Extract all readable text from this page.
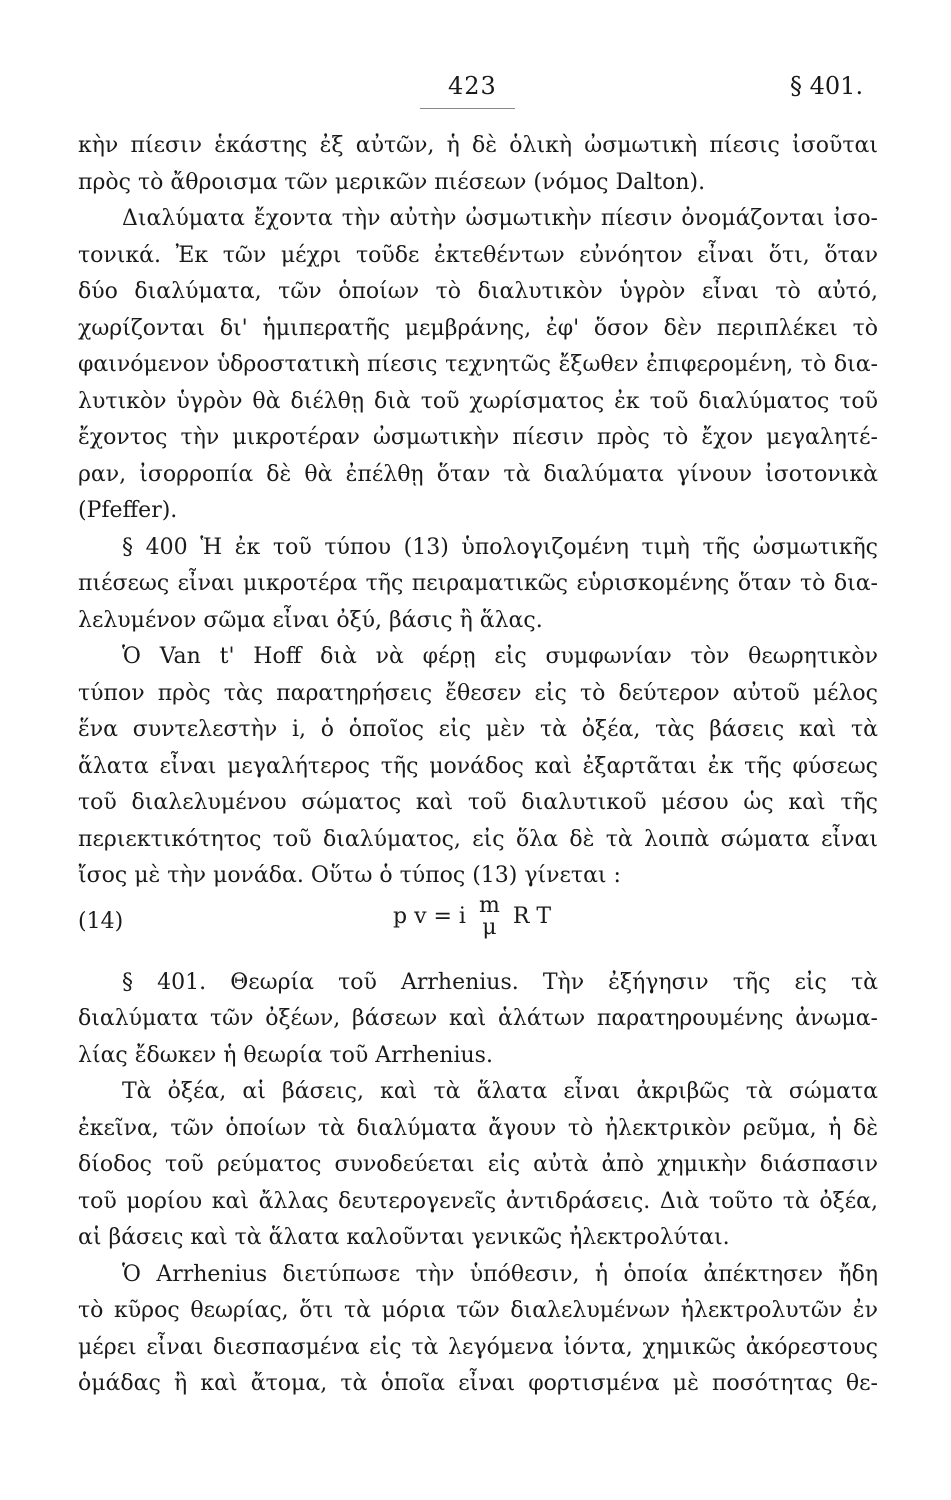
423	§ 401.
κὴν πίεσιν ἑκάστης ἐξ αὐτῶν, ἡ δὲ ὁλικὴ ὠσμωτικὴ πίεσις ἰσοῦται
πρὸς τὸ ἄθροισμα τῶν μερικῶν πιέσεων (νόμος Dalton).
Διαλύματα ἔχοντα τὴν αὐτὴν ὠσμωτικὴν πίεσιν ὀνομάζονται ἰσο-
τονικά. Ἐκ τῶν μέχρι τοῦδε ἐκτεθέντων εὐνόητον εἶναι ὅτι, ὅταν
δύο διαλύματα, τῶν ὁποίων τὸ διαλυτικὸν ὑγρὸν εἶναι τὸ αὐτό,
χωρίζονται δι' ἡμιπερατῆς μεμβράνης, ἐφ' ὅσον δὲν περιπλέκει τὸ
φαινόμενον ὑδροστατικὴ πίεσις τεχνητῶς ἔξωθεν ἐπιφερομένη, τὸ δια-
λυτικὸν ὑγρὸν θὰ διέλθῃ διὰ τοῦ χωρίσματος ἐκ τοῦ διαλύματος τοῦ
ἔχοντος τὴν μικροτέραν ὠσμωτικὴν πίεσιν πρὸς τὸ ἔχον μεγαλητέ-
ραν, ἰσορροπία δὲ θὰ ἐπέλθῃ ὅταν τὰ διαλύματα γίνουν ἰσοτονικὰ
(Pfeffer).
§ 400 Ἡ ἐκ τοῦ τύπου (13) ὑπολογιζομένη τιμὴ τῆς ὠσμωτικῆς
πιέσεως εἶναι μικροτέρα τῆς πειραματικῶς εὑρισκομένης ὅταν τὸ δια-
λελυμένον σῶμα εἶναι ὀξύ, βάσις ἢ ἅλας.
Ὁ Van t' Hoff διὰ νὰ φέρῃ εἰς συμφωνίαν τὸν θεωρητικὸν
τύπον πρὸς τὰς παρατηρήσεις ἔθεσεν εἰς τὸ δεύτερον αὐτοῦ μέλος
ἕνα συντελεστὴν i, ὁ ὁποῖος εἰς μὲν τὰ ὀξέα, τὰς βάσεις καὶ τὰ
ἅλατα εἶναι μεγαλήτερος τῆς μονάδος καὶ ἐξαρτᾶται ἐκ τῆς φύσεως
τοῦ διαλελυμένου σώματος καὶ τοῦ διαλυτικοῦ μέσου ὡς καὶ τῆς
περιεκτικότητος τοῦ διαλύματος, εἰς ὅλα δὲ τὰ λοιπὰ σώματα εἶναι
ἴσος μὲ τὴν μονάδα. Οὕτω ὁ τύπος (13) γίνεται :
(14)	p v = i m
μ R T
§ 401. Θεωρία τοῦ Arrhenius. Τὴν ἐξήγησιν τῆς εἰς τὰ
διαλύματα τῶν ὀξέων, βάσεων καὶ ἁλάτων παρατηρουμένης ἀνωμα-
λίας ἔδωκεν ἡ θεωρία τοῦ Arrhenius.
Τὰ ὀξέα, αἱ βάσεις, καὶ τὰ ἅλατα εἶναι ἀκριβῶς τὰ σώματα
ἐκεῖνα, τῶν ὁποίων τὰ διαλύματα ἄγουν τὸ ἠλεκτρικὸν ρεῦμα, ἡ δὲ
δίοδος τοῦ ρεύματος συνοδεύεται εἰς αὐτὰ ἀπὸ χημικὴν διάσπασιν
τοῦ μορίου καὶ ἄλλας δευτερογενεῖς ἀντιδράσεις. Διὰ τοῦτο τὰ ὀξέα,
αἱ βάσεις καὶ τὰ ἅλατα καλοῦνται γενικῶς ἠλεκτρολύται.
Ὁ Arrhenius διετύπωσε τὴν ὑπόθεσιν, ἡ ὁποία ἀπέκτησεν ἤδη
τὸ κῦρος θεωρίας, ὅτι τὰ μόρια τῶν διαλελυμένων ἠλεκτρολυτῶν ἐν
μέρει εἶναι διεσπασμένα εἰς τὰ λεγόμενα ἰόντα, χημικῶς ἀκόρεστους
ὁμάδας ἢ καὶ ἄτομα, τὰ ὁποῖα εἶναι φορτισμένα μὲ ποσότητας θε-
